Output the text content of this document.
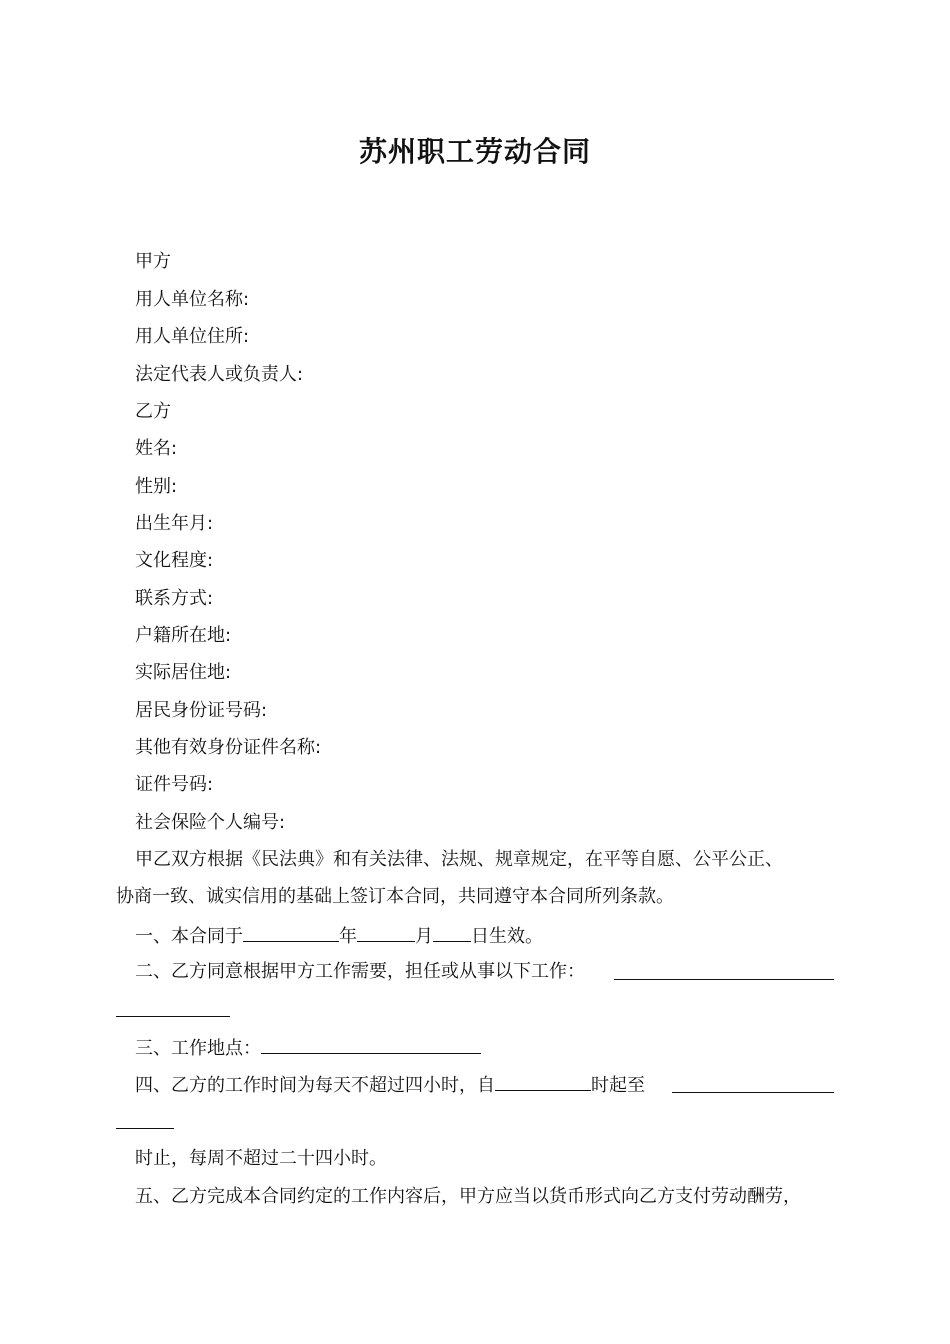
苏州职工劳动合同
甲方
用人单位名称:
用人单位住所:
法定代表人或负责人:
乙方
姓名:
性别:
出生年月:
文化程度:
联系方式:
户籍所在地:
实际居住地:
居民身份证号码:
其他有效身份证件名称:
证件号码:
社会保险个人编号:
甲乙双方根据《民法典》和有关法律、法规、规章规定，在平等自愿、公平公正、
协商一致、诚实信用的基础上签订本合同，共同遵守本合同所列条款。
一、本合同于	年	月 日生效。
二、乙方同意根据甲方工作需要，担任或从事以下工作：
三、工作地点：
四、乙方的工作时间为每天不超过四小时，自	时起至
时止，每周不超过二十四小时。
五、乙方完成本合同约定的工作内容后，甲方应当以货币形式向乙方支付劳动酬劳，
